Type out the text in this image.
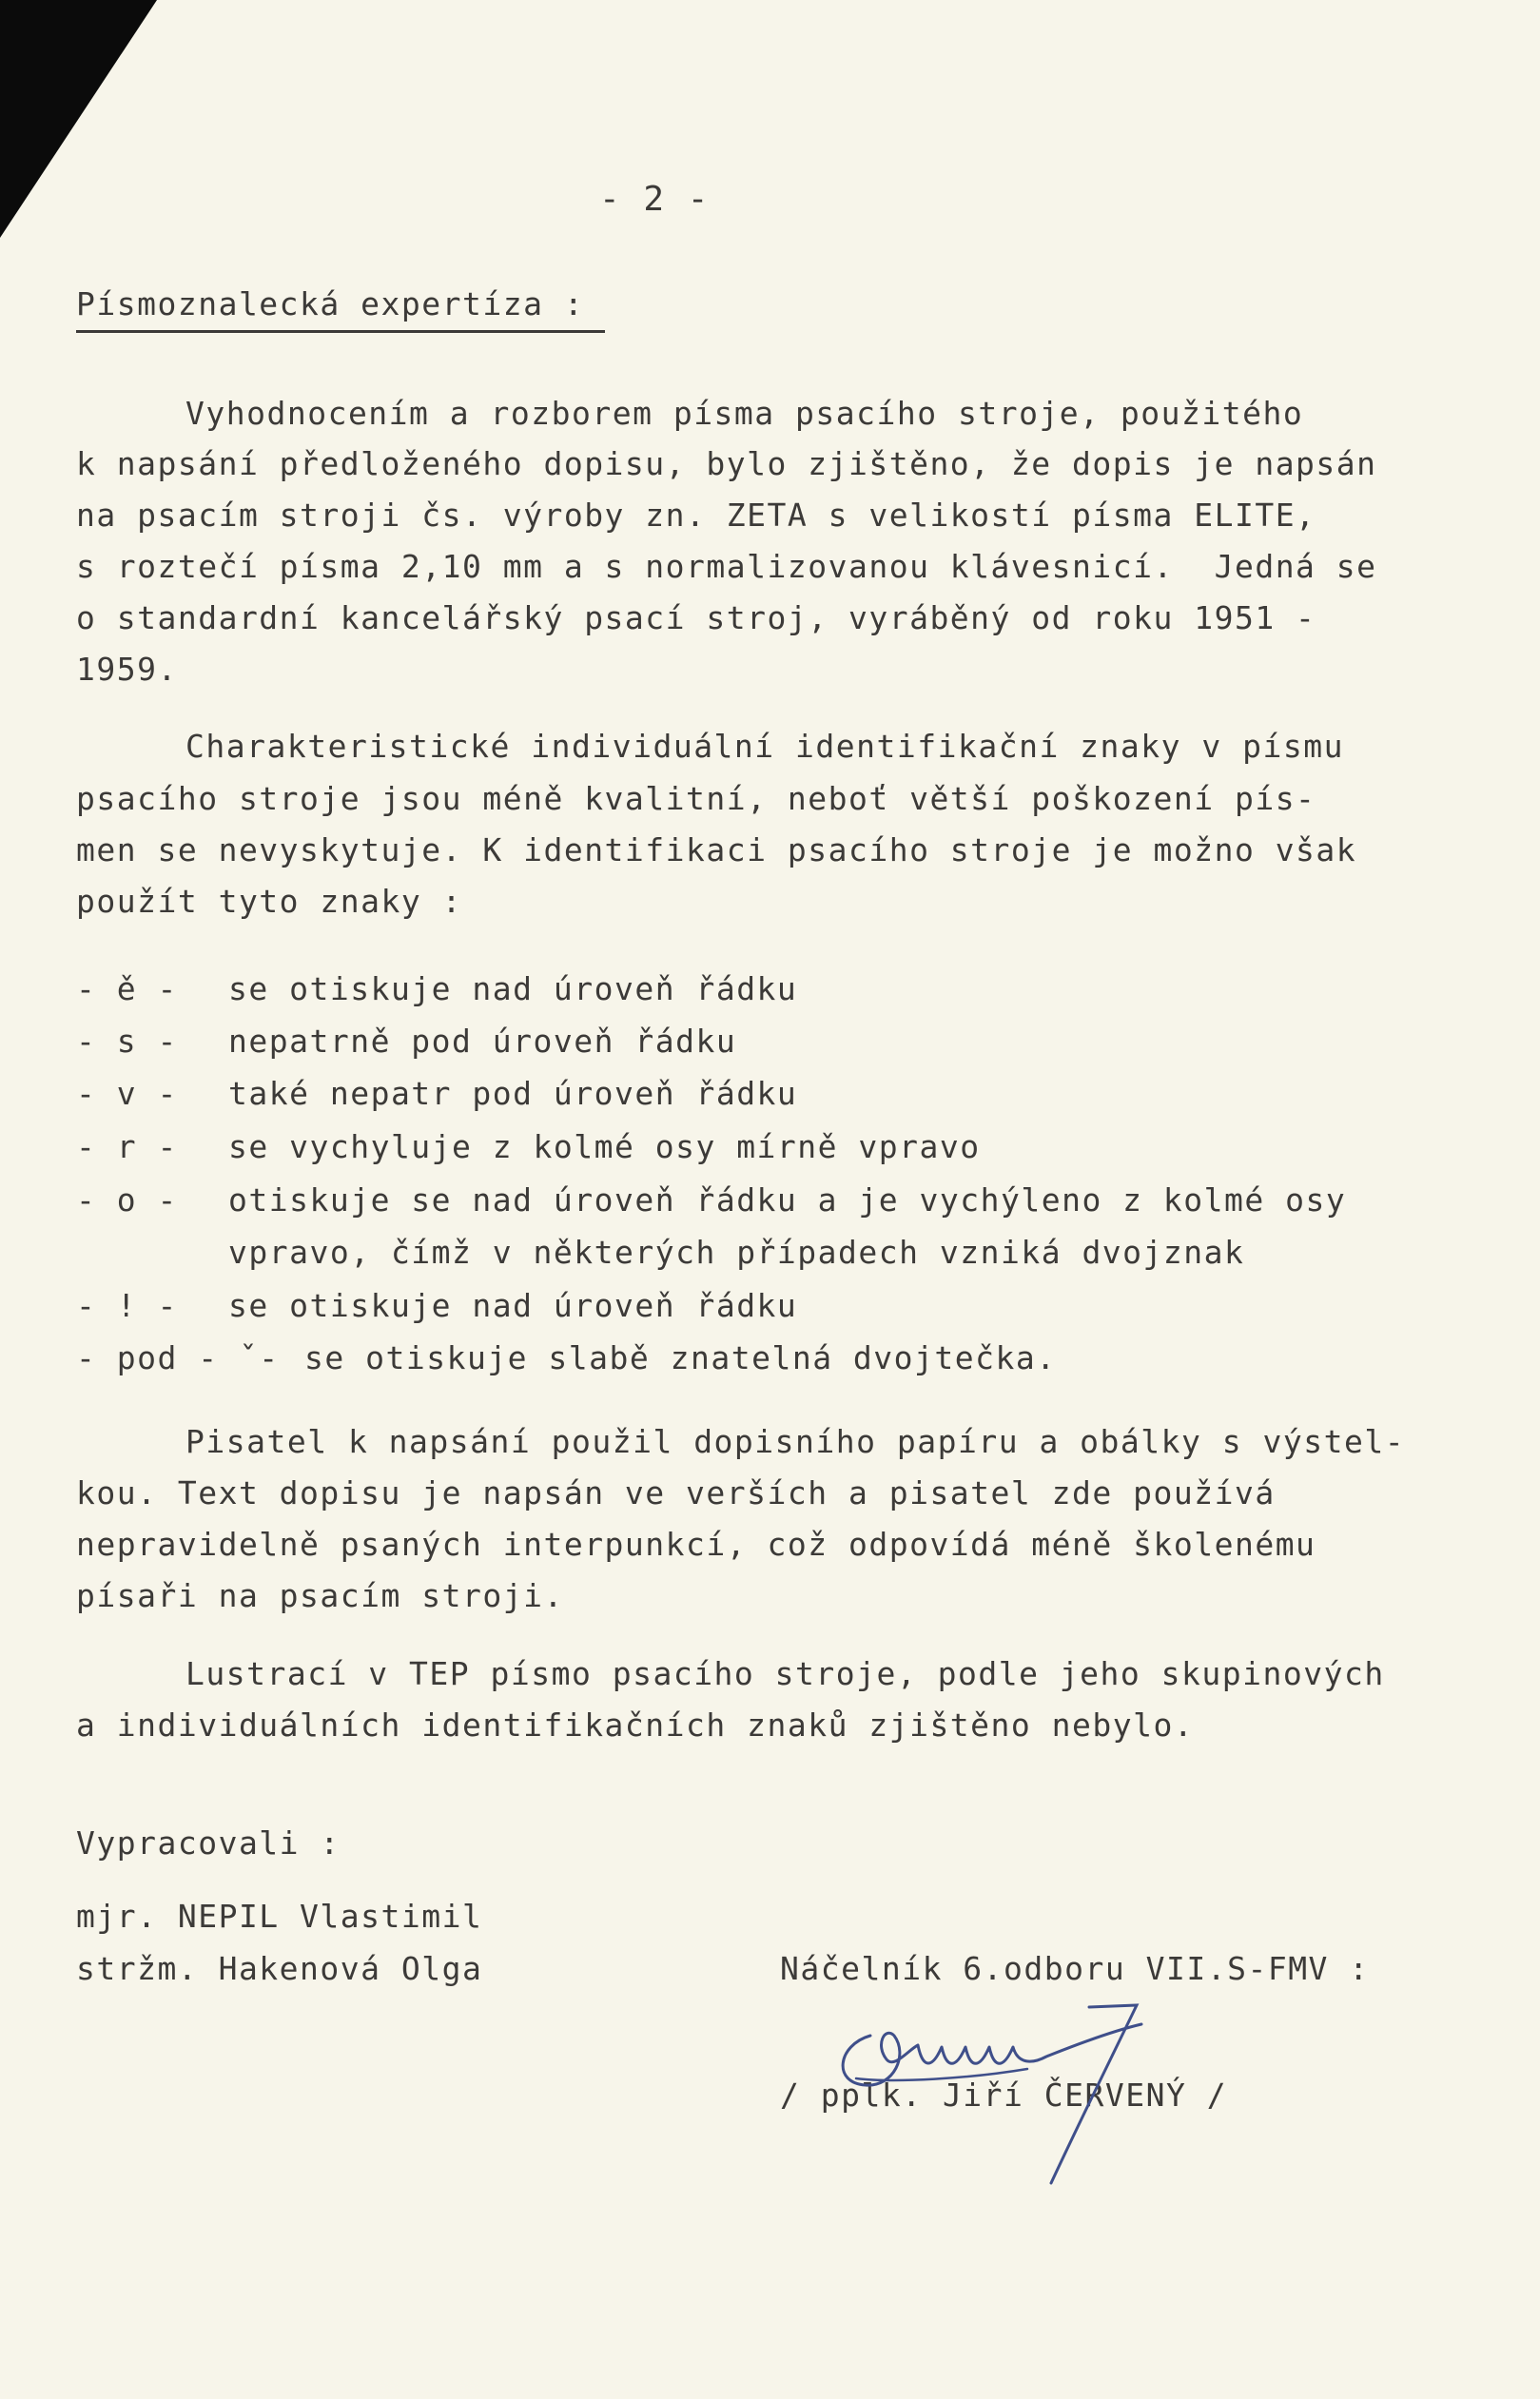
- 2 -
Písmoznalecká expertíza :
Vyhodnocením a rozborem písma psacího stroje, použitého
k napsání předloženého dopisu, bylo zjištěno, že dopis je napsán
na psacím stroji čs. výroby zn. ZETA s velikostí písma ELITE,
s roztečí písma 2,10 mm a s normalizovanou klávesnicí.  Jedná se
o standardní kancelářský psací stroj, vyráběný od roku 1951 -
1959.
Charakteristické individuální identifikační znaky v písmu
psacího stroje jsou méně kvalitní, neboť větší poškození pís-
men se nevyskytuje. K identifikaci psacího stroje je možno však
použít tyto znaky :
- ě - se otiskuje nad úroveň řádku
- s - nepatrně pod úroveň řádku
- v - také nepatr pod úroveň řádku
- r - se vychyluje z kolmé osy mírně vpravo
- o - otiskuje se nad úroveň řádku a je vychýleno z kolmé osy
vpravo, čímž v některých případech vzniká dvojznak
- ! - se otiskuje nad úroveň řádku
- pod - ˇ- se otiskuje slabě znatelná dvojtečka.
Pisatel k napsání použil dopisního papíru a obálky s výstel-
kou. Text dopisu je napsán ve verších a pisatel zde používá
nepravidelně psaných interpunkcí, což odpovídá méně školenému
písaři na psacím stroji.
Lustrací v TEP písmo psacího stroje, podle jeho skupinových
a individuálních identifikačních znaků zjištěno nebylo.
Vypracovali :
mjr. NEPIL Vlastimil
stržm. Hakenová Olga	Náčelník 6.odboru VII.S-FMV :
/ pplk. Jiří ČERVENÝ /
